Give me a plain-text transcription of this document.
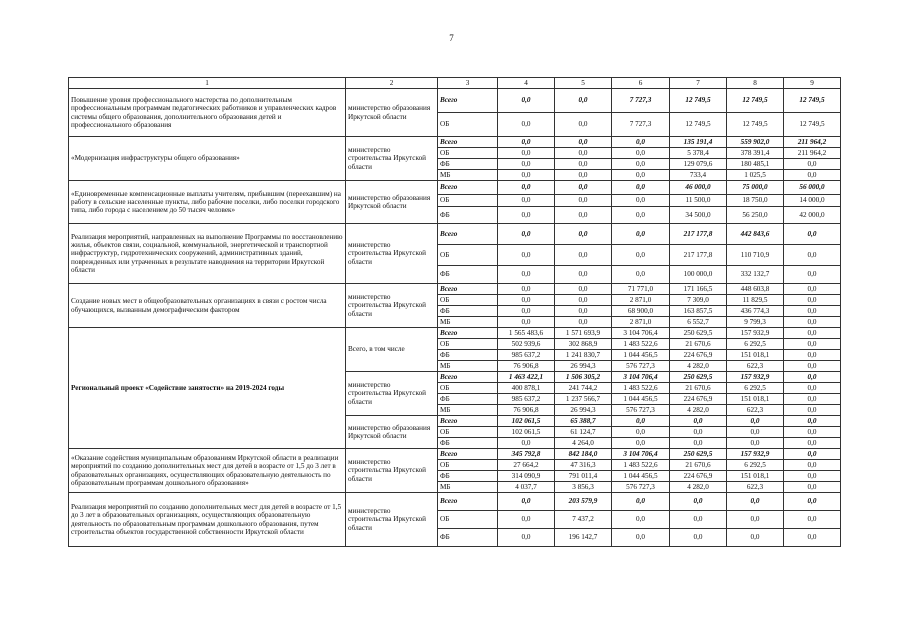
7
1	2	3	4	5	6	7	8	9
Повышение уровня профессионального мастерства по дополнительным профессиональным программам педагогических работников и управленческих кадров системы общего образования, дополнительного образования детей и профессионального образования	министерство образования Иркутской области	Всего	0,0	0,0	7 727,3	12 749,5	12 749,5	12 749,5
		ОБ	0,0	0,0	7 727,3	12 749,5	12 749,5	12 749,5
«Модернизация инфраструктуры общего образования»	министерство строительства Иркутской области	Всего	0,0	0,0	0,0	135 191,4	559 902,0	211 964,2
		ОБ	0,0	0,0	0,0	5 378,4	378 391,4	211 964,2
		ФБ	0,0	0,0	0,0	129 079,6	180 485,1	0,0
		МБ	0,0	0,0	0,0	733,4	1 025,5	0,0
«Единовременные компенсационные выплаты учителям, прибывшим (переехавшим) на работу в сельские населенные пункты, либо рабочие поселки, либо поселки городского типа, либо города с населением до 50 тысяч человек»	министерство образования Иркутской области	Всего	0,0	0,0	0,0	46 000,0	75 000,0	56 000,0
		ОБ	0,0	0,0	0,0	11 500,0	18 750,0	14 000,0
		ФБ	0,0	0,0	0,0	34 500,0	56 250,0	42 000,0
Реализация мероприятий, направленных на выполнение Программы по восстановлению жилья, объектов связи, социальной, коммунальной, энергетической и транспортной инфраструктур, гидротехнических сооружений, административных зданий, поврежденных или утраченных в результате наводнения на территории Иркутской области	министерство строительства Иркутской области	Всего	0,0	0,0	0,0	217 177,8	442 843,6	0,0
		ОБ	0,0	0,0	0,0	217 177,8	110 710,9	0,0
		ФБ	0,0	0,0	0,0	100 000,0	332 132,7	0,0
Создание новых мест в общеобразовательных организациях в связи с ростом числа обучающихся, вызванным демографическим фактором	министерство строительства Иркутской области	Всего	0,0	0,0	71 771,0	171 166,5	448 603,8	0,0
		ОБ	0,0	0,0	2 871,0	7 309,0	11 829,5	0,0
		ФБ	0,0	0,0	68 900,0	163 857,5	436 774,3	0,0
		МБ	0,0	0,0	2 871,0	6 552,7	9 799,3	0,0
Региональный проект «Содействие занятости» на 2019-2024 годы	Всего, в том числе	Всего	1 565 483,6	1 571 693,9	3 104 706,4	250 629,5	157 932,9	0,0
		ОБ	502 939,6	302 868,9	1 483 522,6	21 670,6	6 292,5	0,0
		ФБ	985 637,2	1 241 830,7	1 044 456,5	224 676,9	151 018,1	0,0
		МБ	76 906,8	26 994,3	576 727,3	4 282,0	622,3	0,0
	министерство строительства Иркутской области	Всего	1 463 422,1	1 506 305,2	3 104 706,4	250 629,5	157 932,9	0,0
		ОБ	400 878,1	241 744,2	1 483 522,6	21 670,6	6 292,5	0,0
		ФБ	985 637,2	1 237 566,7	1 044 456,5	224 676,9	151 018,1	0,0
		МБ	76 906,8	26 994,3	576 727,3	4 282,0	622,3	0,0
	министерство образования Иркутской области	Всего	102 061,5	65 388,7	0,0	0,0	0,0	0,0
		ОБ	102 061,5	61 124,7	0,0	0,0	0,0	0,0
		ФБ	0,0	4 264,0	0,0	0,0	0,0	0,0
«Оказание содействия муниципальным образованиям Иркутской области в реализации мероприятий по созданию дополнительных мест для детей в возрасте от 1,5 до 3 лет в образовательных организациях, осуществляющих образовательную деятельность по образовательным программам дошкольного образования»	министерство строительства Иркутской области	Всего	345 792,8	842 184,0	3 104 706,4	250 629,5	157 932,9	0,0
		ОБ	27 664,2	47 316,3	1 483 522,6	21 670,6	6 292,5	0,0
		ФБ	314 090,9	791 011,4	1 044 456,5	224 676,9	151 018,1	0,0
		МБ	4 037,7	3 856,3	576 727,3	4 282,0	622,3	0,0
Реализация мероприятий по созданию дополнительных мест для детей в возрасте от 1,5 до 3 лет в образовательных организациях, осуществляющих образовательную деятельность по образовательным программам дошкольного образования, путем строительства объектов государственной собственности Иркутской области	министерство строительства Иркутской области	Всего	0,0	203 579,9	0,0	0,0	0,0	0,0
		ОБ	0,0	7 437,2	0,0	0,0	0,0	0,0
		ФБ	0,0	196 142,7	0,0	0,0	0,0	0,0
